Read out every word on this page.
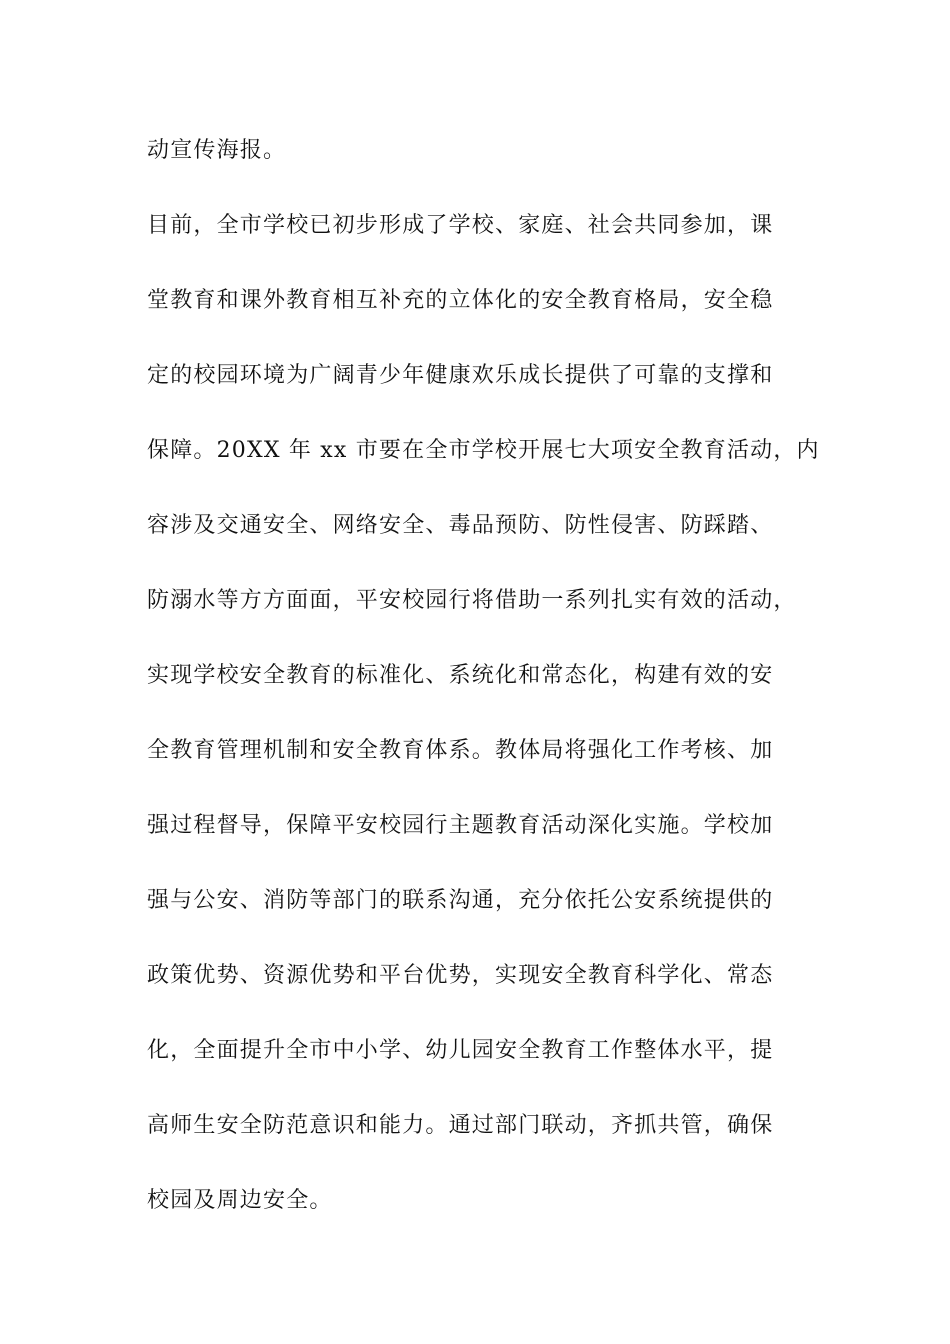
动宣传海报。
目前，全市学校已初步形成了学校、家庭、社会共同参加，课
堂教育和课外教育相互补充的立体化的安全教育格局，安全稳
定的校园环境为广阔青少年健康欢乐成长提供了可靠的支撑和
保障。20XX 年 xx 市要在全市学校开展七大项安全教育活动，内
容涉及交通安全、网络安全、毒品预防、防性侵害、防踩踏、
防溺水等方方面面，平安校园行将借助一系列扎实有效的活动，
实现学校安全教育的标准化、系统化和常态化，构建有效的安
全教育管理机制和安全教育体系。教体局将强化工作考核、加
强过程督导，保障平安校园行主题教育活动深化实施。学校加
强与公安、消防等部门的联系沟通，充分依托公安系统提供的
政策优势、资源优势和平台优势，实现安全教育科学化、常态
化，全面提升全市中小学、幼儿园安全教育工作整体水平，提
高师生安全防范意识和能力。通过部门联动，齐抓共管，确保
校园及周边安全。
